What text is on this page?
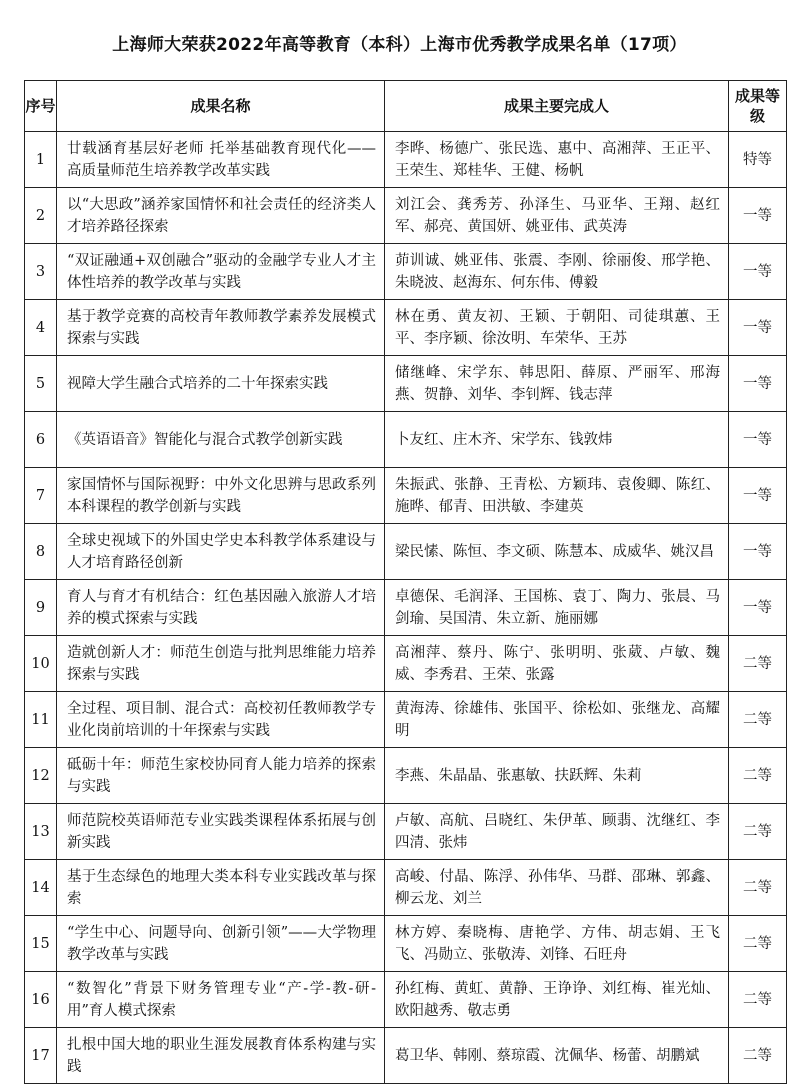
上海师大荣获2022年高等教育（本科）上海市优秀教学成果名单（17项）
序号	成果名称	成果主要完成人	成果等级
1	廿载涵育基层好老师 托举基础教育现代化——高质量师范生培养教学改革实践	李晔、杨德广、张民选、惠中、高湘萍、王正平、王荣生、郑桂华、王健、杨帆	特等
2	以“大思政”涵养家国情怀和社会责任的经济类人才培养路径探索	刘江会、龚秀芳、孙泽生、马亚华、王翔、赵红军、郝亮、黄国妍、姚亚伟、武英涛	一等
3	“双证融通+双创融合”驱动的金融学专业人才主体性培养的教学改革与实践	茆训诚、姚亚伟、张震、李刚、徐丽俊、邢学艳、朱晓波、赵海东、何东伟、傅毅	一等
4	基于教学竞赛的高校青年教师教学素养发展模式探索与实践	林在勇、黄友初、王颖、于朝阳、司徒琪蕙、王平、李序颖、徐汝明、车荣华、王苏	一等
5	视障大学生融合式培养的二十年探索实践	储继峰、宋学东、韩思阳、薛原、严丽军、邢海燕、贺静、刘华、李钊辉、钱志萍	一等
6	《英语语音》智能化与混合式教学创新实践	卜友红、庄木齐、宋学东、钱敦炜	一等
7	家国情怀与国际视野：中外文化思辨与思政系列本科课程的教学创新与实践	朱振武、张静、王青松、方颖玮、袁俊卿、陈红、施晔、郁青、田洪敏、李建英	一等
8	全球史视域下的外国史学史本科教学体系建设与人才培育路径创新	梁民愫、陈恒、李文硕、陈慧本、成威华、姚汉昌	一等
9	育人与育才有机结合：红色基因融入旅游人才培养的模式探索与实践	卓德保、毛润泽、王国栋、袁丁、陶力、张晨、马剑瑜、吴国清、朱立新、施丽娜	一等
10	造就创新人才：师范生创造与批判思维能力培养探索与实践	高湘萍、蔡丹、陈宁、张明明、张葳、卢敏、魏威、李秀君、王荣、张露	二等
11	全过程、项目制、混合式：高校初任教师教学专业化岗前培训的十年探索与实践	黄海涛、徐雄伟、张国平、徐松如、张继龙、高耀明	二等
12	砥砺十年：师范生家校协同育人能力培养的探索与实践	李燕、朱晶晶、张惠敏、扶跃辉、朱莉	二等
13	师范院校英语师范专业实践类课程体系拓展与创新实践	卢敏、高航、吕晓红、朱伊革、顾翡、沈继红、李四清、张炜	二等
14	基于生态绿色的地理大类本科专业实践改革与探索	高峻、付晶、陈浮、孙伟华、马群、邵琳、郭鑫、柳云龙、刘兰	二等
15	“学生中心、问题导向、创新引领”——大学物理教学改革与实践	林方婷、秦晓梅、唐艳学、方伟、胡志娟、王飞飞、冯勋立、张敬涛、刘锋、石旺舟	二等
16	“数智化”背景下财务管理专业“产-学-教-研-用”育人模式探索	孙红梅、黄虹、黄静、王诤诤、刘红梅、崔光灿、欧阳越秀、敬志勇	二等
17	扎根中国大地的职业生涯发展教育体系构建与实践	葛卫华、韩刚、蔡琼霞、沈佩华、杨蕾、胡鹏斌	二等
